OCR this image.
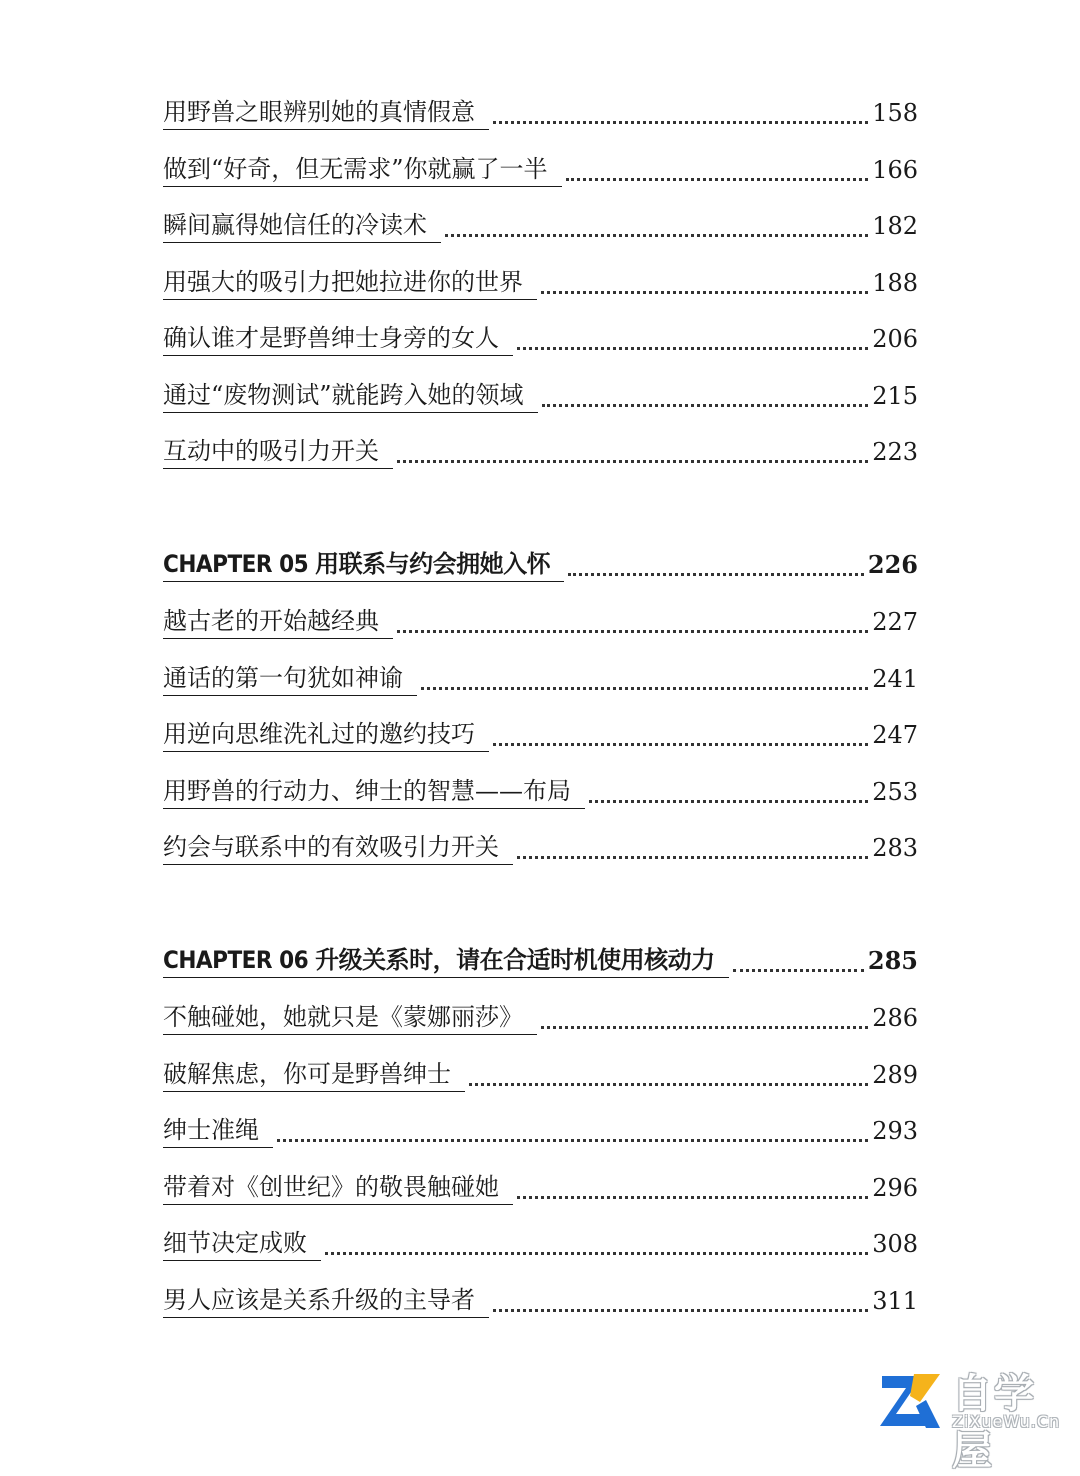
用野兽之眼辨别她的真情假意	158
做到“好奇，但无需求”你就赢了一半	166
瞬间赢得她信任的冷读术	182
用强大的吸引力把她拉进你的世界	188
确认谁才是野兽绅士身旁的女人	206
通过“废物测试”就能跨入她的领域	215
互动中的吸引力开关	223
CHAPTER 05 用联系与约会拥她入怀	226
越古老的开始越经典	227
通话的第一句犹如神谕	241
用逆向思维洗礼过的邀约技巧	247
用野兽的行动力、绅士的智慧——布局	253
约会与联系中的有效吸引力开关	283
CHAPTER 06 升级关系时，请在合适时机使用核动力	285
不触碰她，她就只是《蒙娜丽莎》	286
破解焦虑，你可是野兽绅士	289
绅士准绳	293
带着对《创世纪》的敬畏触碰她	296
细节决定成败	308
男人应该是关系升级的主导者	311
自学屋
ZiXueWu.Cn
